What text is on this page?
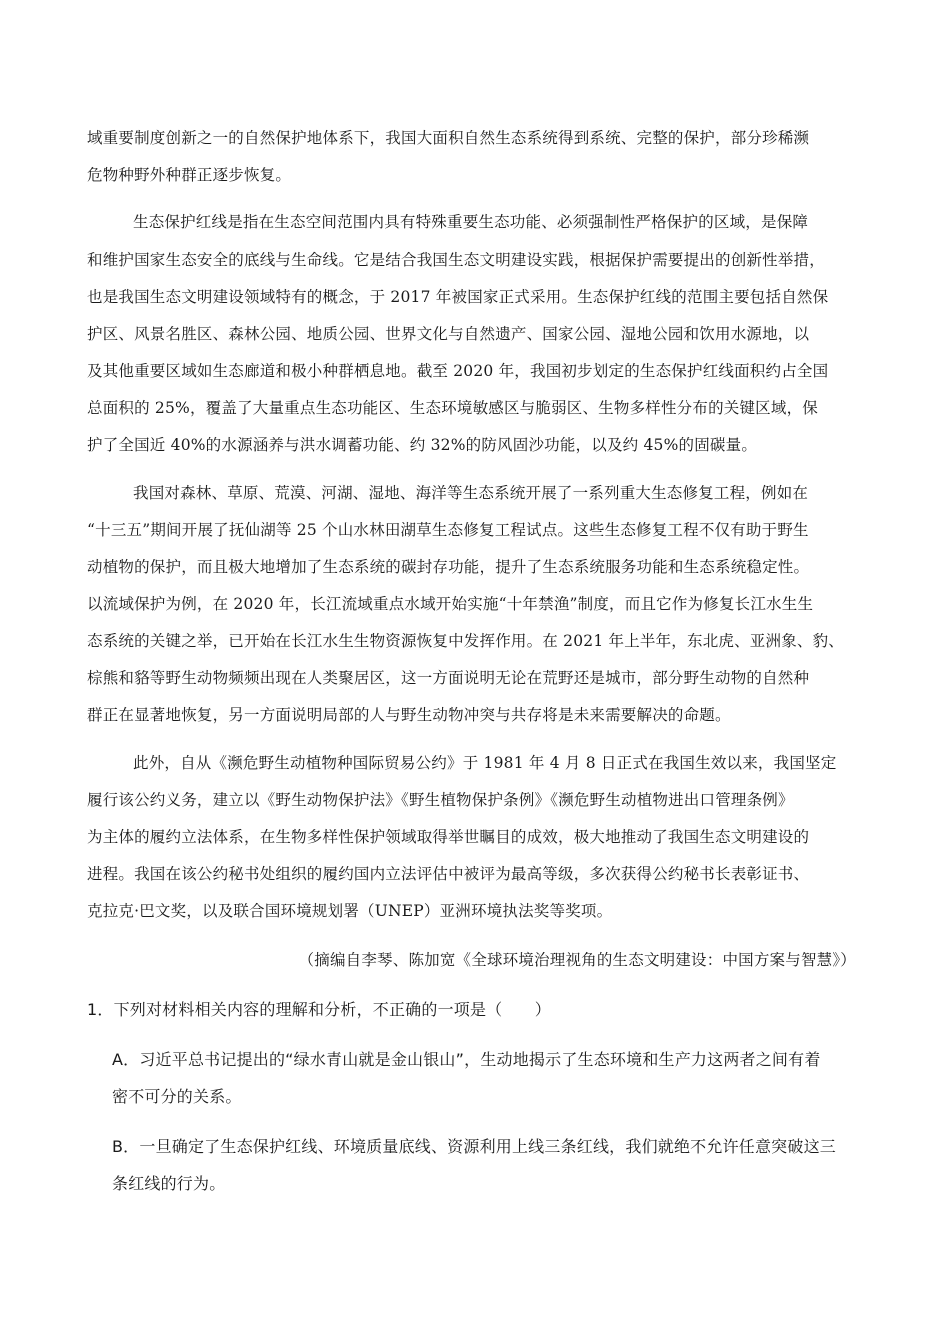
域重要制度创新之一的自然保护地体系下，我国大面积自然生态系统得到系统、完整的保护，部分珍稀濒
危物种野外种群正逐步恢复。
生态保护红线是指在生态空间范围内具有特殊重要生态功能、必须强制性严格保护的区域，是保障
和维护国家生态安全的底线与生命线。它是结合我国生态文明建设实践，根据保护需要提出的创新性举措，
也是我国生态文明建设领域特有的概念，于 2017 年被国家正式采用。生态保护红线的范围主要包括自然保
护区、风景名胜区、森林公园、地质公园、世界文化与自然遗产、国家公园、湿地公园和饮用水源地，以
及其他重要区域如生态廊道和极小种群栖息地。截至 2020 年，我国初步划定的生态保护红线面积约占全国
总面积的 25%，覆盖了大量重点生态功能区、生态环境敏感区与脆弱区、生物多样性分布的关键区域，保
护了全国近 40%的水源涵养与洪水调蓄功能、约 32%的防风固沙功能，以及约 45%的固碳量。
我国对森林、草原、荒漠、河湖、湿地、海洋等生态系统开展了一系列重大生态修复工程，例如在
“十三五”期间开展了抚仙湖等 25 个山水林田湖草生态修复工程试点。这些生态修复工程不仅有助于野生
动植物的保护，而且极大地增加了生态系统的碳封存功能，提升了生态系统服务功能和生态系统稳定性。
以流域保护为例，在 2020 年，长江流域重点水域开始实施“十年禁渔”制度，而且它作为修复长江水生生
态系统的关键之举，已开始在长江水生生物资源恢复中发挥作用。在 2021 年上半年，东北虎、亚洲象、豹、
棕熊和貉等野生动物频频出现在人类聚居区，这一方面说明无论在荒野还是城市，部分野生动物的自然种
群正在显著地恢复，另一方面说明局部的人与野生动物冲突与共存将是未来需要解决的命题。
此外，自从《濒危野生动植物种国际贸易公约》于 1981 年 4 月 8 日正式在我国生效以来，我国坚定
履行该公约义务，建立以《野生动物保护法》《野生植物保护条例》《濒危野生动植物进出口管理条例》
为主体的履约立法体系，在生物多样性保护领域取得举世瞩目的成效，极大地推动了我国生态文明建设的
进程。我国在该公约秘书处组织的履约国内立法评估中被评为最高等级，多次获得公约秘书长表彰证书、
克拉克·巴文奖，以及联合国环境规划署（UNEP）亚洲环境执法奖等奖项。
（摘编自李琴、陈加宽《全球环境治理视角的生态文明建设：中国方案与智慧》）
1．下列对材料相关内容的理解和分析，不正确的一项是（　　）
A．习近平总书记提出的“绿水青山就是金山银山”，生动地揭示了生态环境和生产力这两者之间有着
密不可分的关系。
B．一旦确定了生态保护红线、环境质量底线、资源利用上线三条红线，我们就绝不允许任意突破这三
条红线的行为。
